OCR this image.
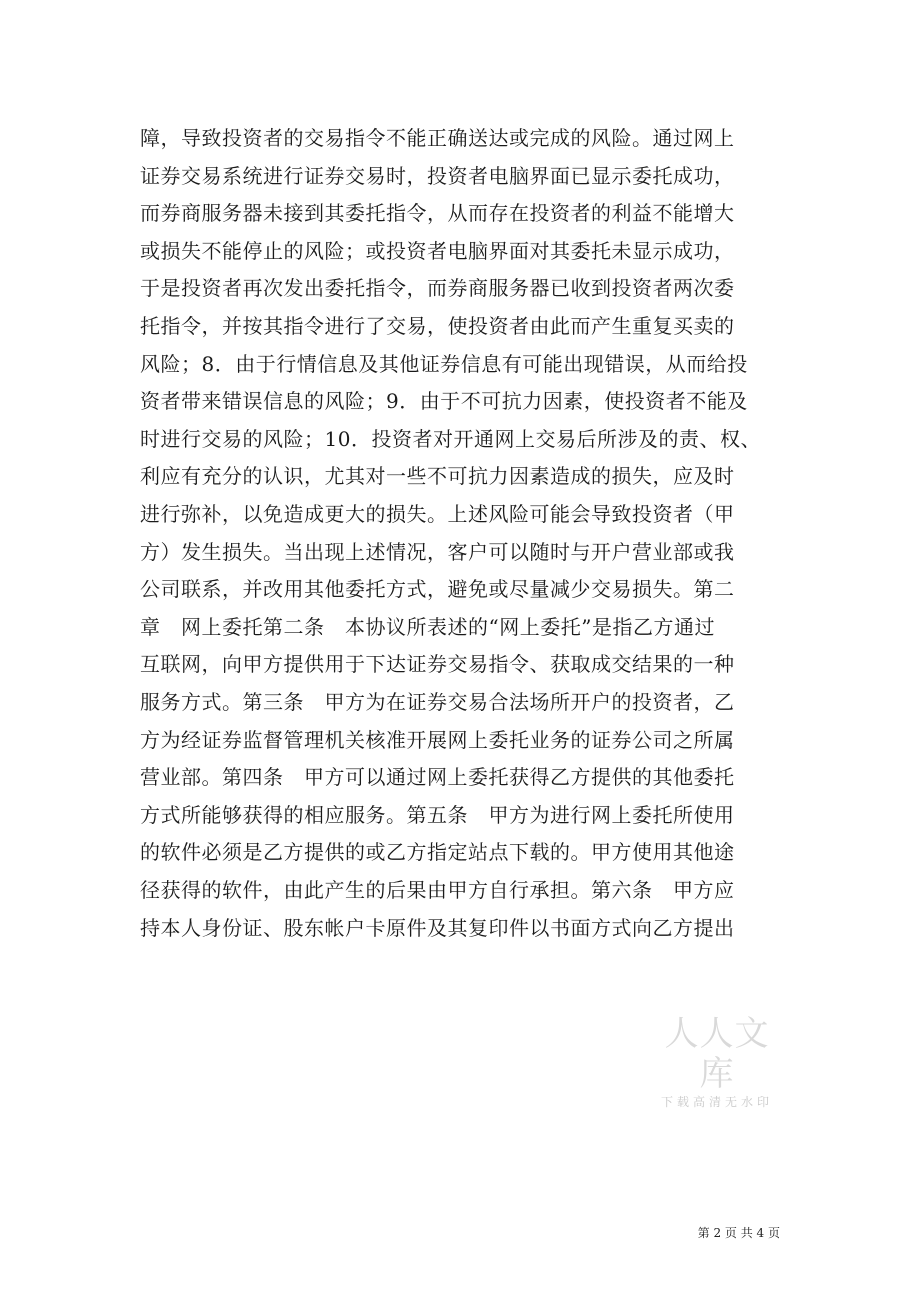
障，导致投资者的交易指令不能正确送达或完成的风险。通过网上
证券交易系统进行证券交易时，投资者电脑界面已显示委托成功，
而券商服务器未接到其委托指令，从而存在投资者的利益不能增大
或损失不能停止的风险；或投资者电脑界面对其委托未显示成功，
于是投资者再次发出委托指令，而券商服务器已收到投资者两次委
托指令，并按其指令进行了交易，使投资者由此而产生重复买卖的
风险；8．由于行情信息及其他证券信息有可能出现错误，从而给投
资者带来错误信息的风险；9．由于不可抗力因素，使投资者不能及
时进行交易的风险；10．投资者对开通网上交易后所涉及的责、权、
利应有充分的认识，尤其对一些不可抗力因素造成的损失，应及时
进行弥补，以免造成更大的损失。上述风险可能会导致投资者（甲
方）发生损失。当出现上述情况，客户可以随时与开户营业部或我
公司联系，并改用其他委托方式，避免或尽量减少交易损失。第二
章　网上委托第二条　本协议所表述的“网上委托”是指乙方通过
互联网，向甲方提供用于下达证券交易指令、获取成交结果的一种
服务方式。第三条　甲方为在证券交易合法场所开户的投资者，乙
方为经证券监督管理机关核准开展网上委托业务的证券公司之所属
营业部。第四条　甲方可以通过网上委托获得乙方提供的其他委托
方式所能够获得的相应服务。第五条　甲方为进行网上委托所使用
的软件必须是乙方提供的或乙方指定站点下载的。甲方使用其他途
径获得的软件，由此产生的后果由甲方自行承担。第六条　甲方应
持本人身份证、股东帐户卡原件及其复印件以书面方式向乙方提出
人人文库
下载高清无水印
第 2 页 共 4 页
